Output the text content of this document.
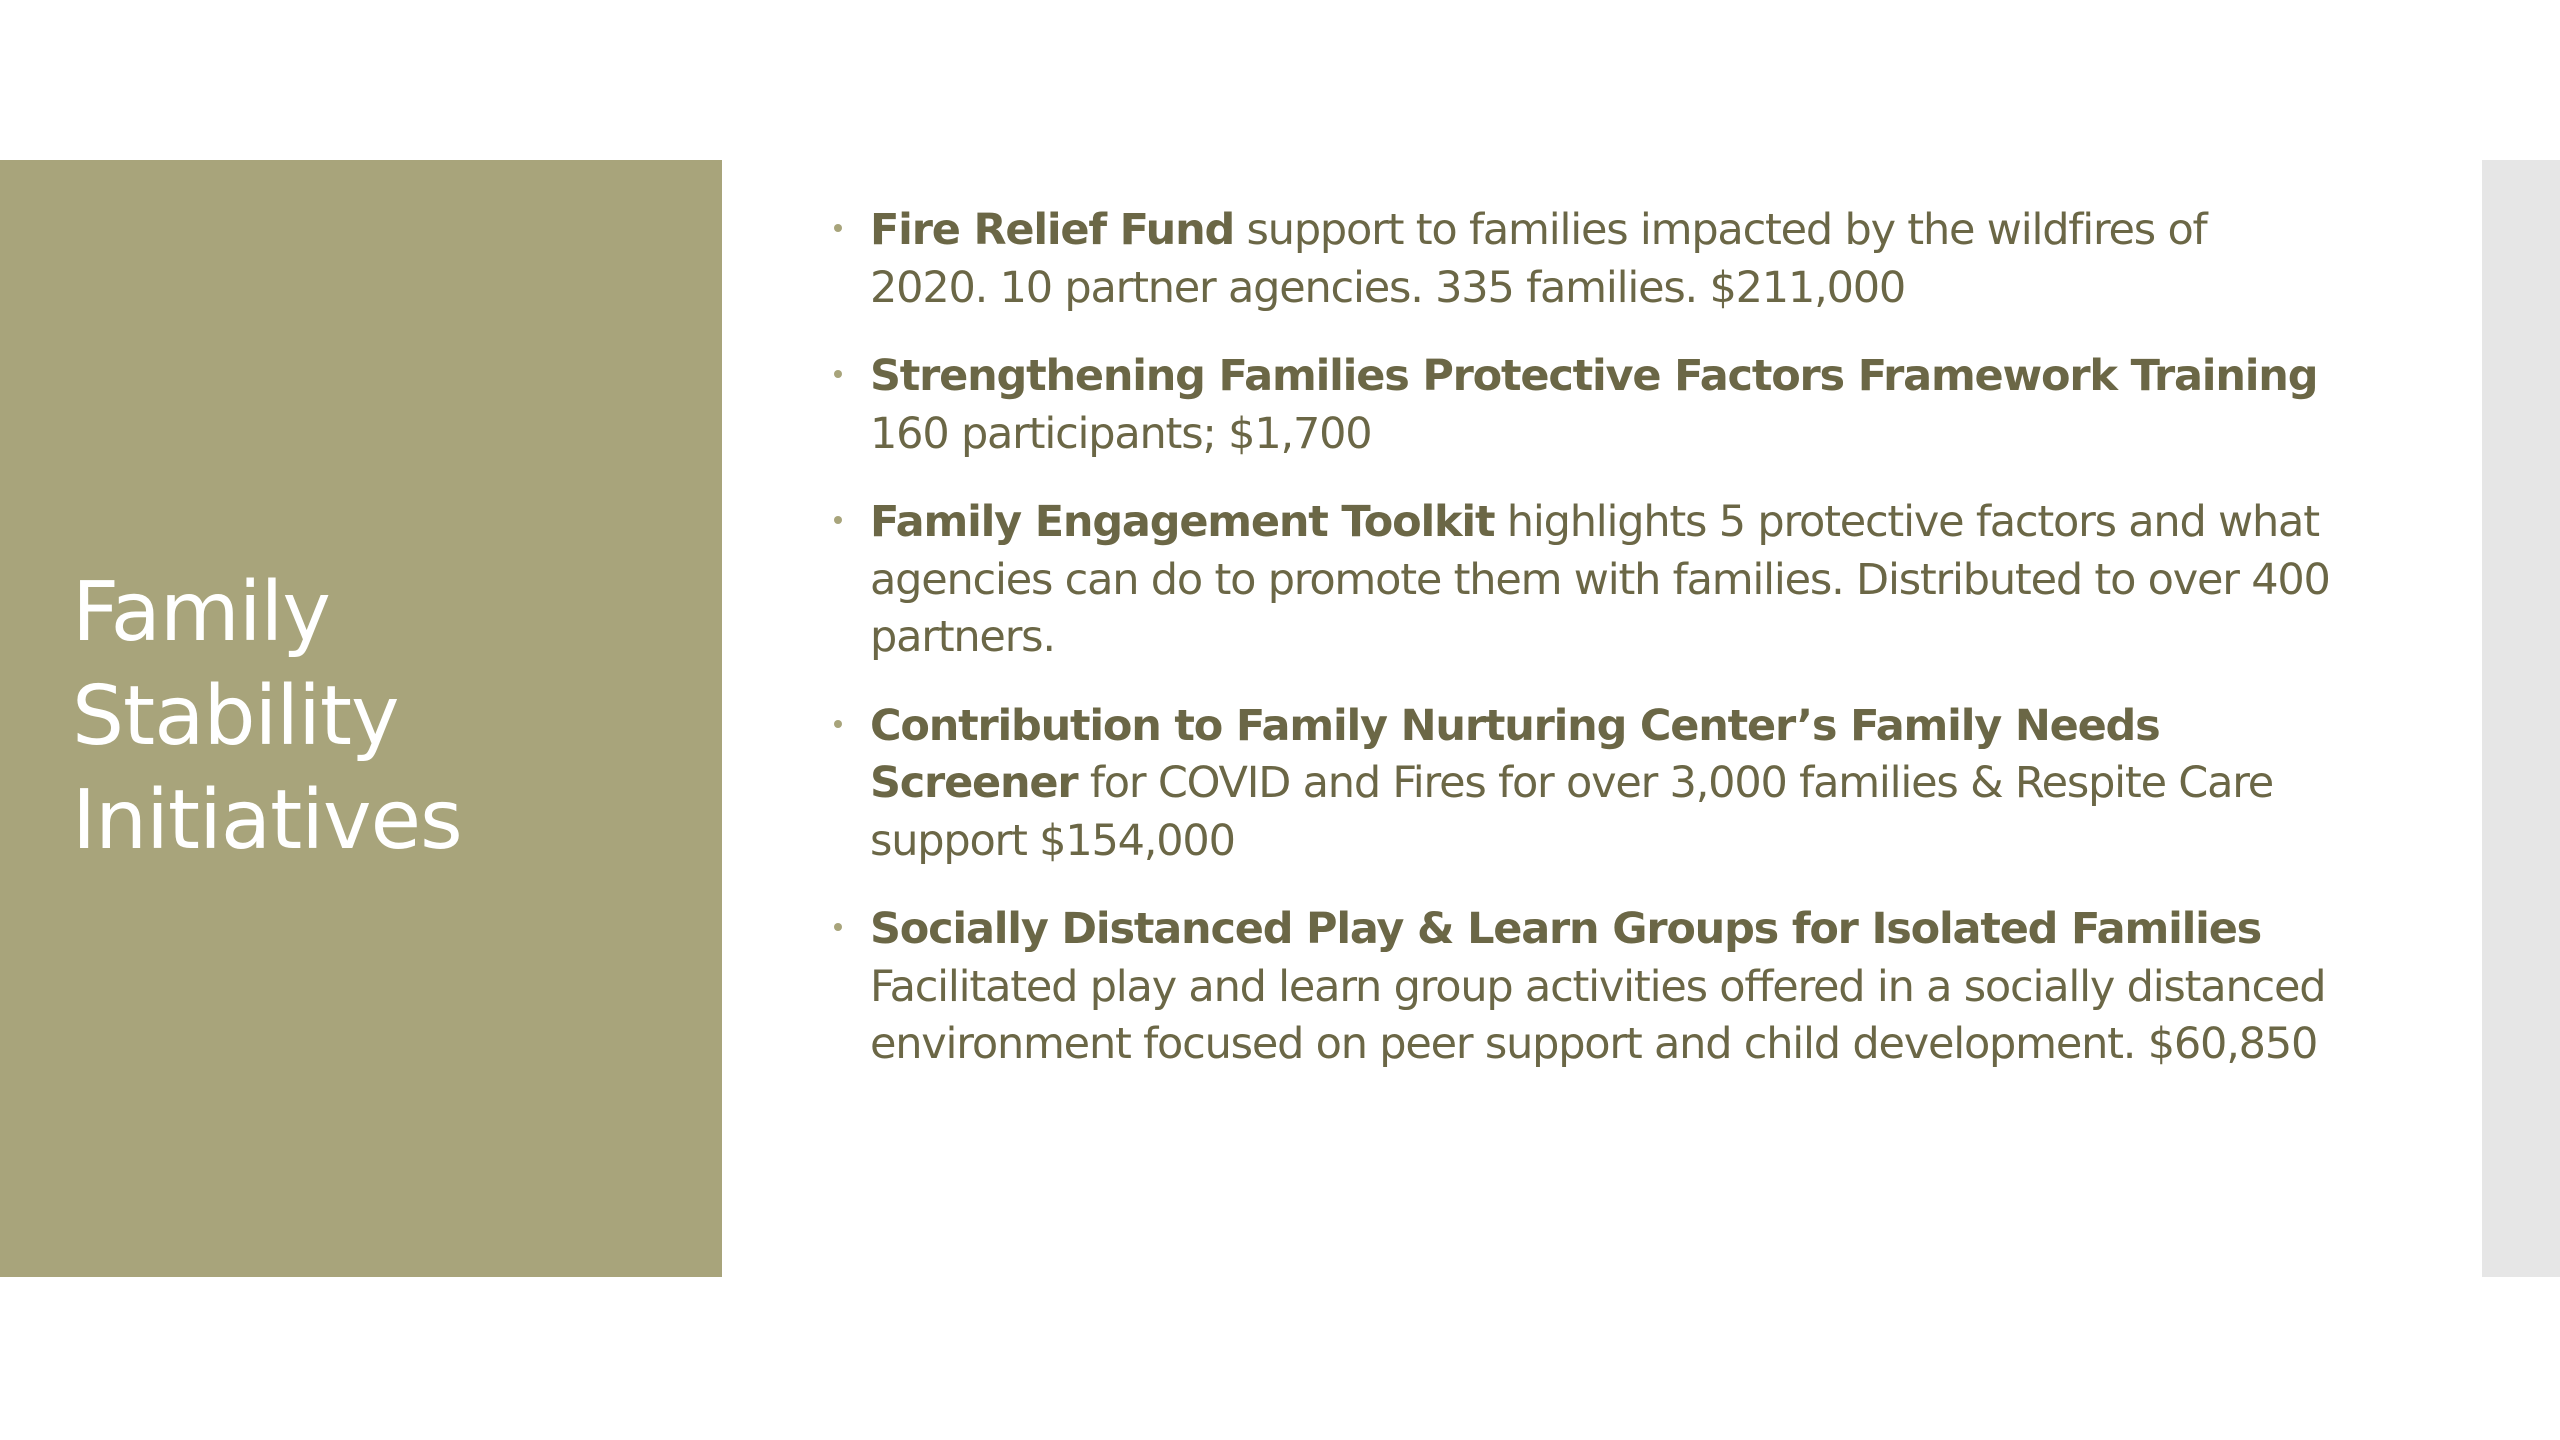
Family
Stability
Initiatives
Fire Relief Fund support to families impacted by the wildfires of 2020. 10 partner agencies. 335 families. $211,000
Strengthening Families Protective Factors Framework Training 160 participants; $1,700
Family Engagement Toolkit highlights 5 protective factors and what agencies can do to promote them with families. Distributed to over 400 partners.
Contribution to Family Nurturing Center’s Family Needs Screener for COVID and Fires for over 3,000 families & Respite Care support $154,000
Socially Distanced Play & Learn Groups for Isolated Families Facilitated play and learn group activities offered in a socially distanced environment focused on peer support and child development. $60,850
